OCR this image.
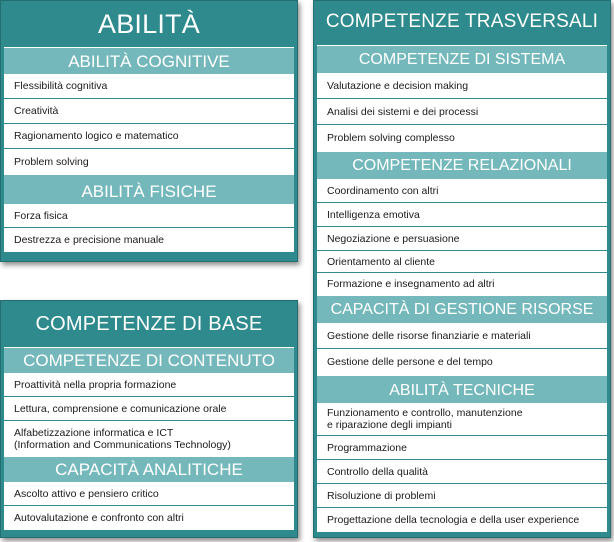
ABILITÀ
ABILITÀ COGNITIVE
Flessibilità cognitiva
Creatività
Ragionamento logico e matematico
Problem solving
ABILITÀ FISICHE
Forza fisica
Destrezza e precisione manuale
COMPETENZE DI BASE
COMPETENZE DI CONTENUTO
Proattività nella propria formazione
Lettura, comprensione e comunicazione orale
Alfabetizzazione informatica e ICT
(Information and Communications Technology)
CAPACITÀ ANALITICHE
Ascolto attivo e pensiero critico
Autovalutazione e confronto con altri
COMPETENZE TRASVERSALI
COMPETENZE DI SISTEMA
Valutazione e decision making
Analisi dei sistemi e dei processi
Problem solving complesso
COMPETENZE RELAZIONALI
Coordinamento con altri
Intelligenza emotiva
Negoziazione e persuasione
Orientamento al cliente
Formazione e insegnamento ad altri
CAPACITÀ DI GESTIONE RISORSE
Gestione delle risorse finanziarie e materiali
Gestione delle persone e del tempo
ABILITÀ TECNICHE
Funzionamento e controllo, manutenzione
e riparazione degli impianti
Programmazione
Controllo della qualità
Risoluzione di problemi
Progettazione della tecnologia e della user experience
